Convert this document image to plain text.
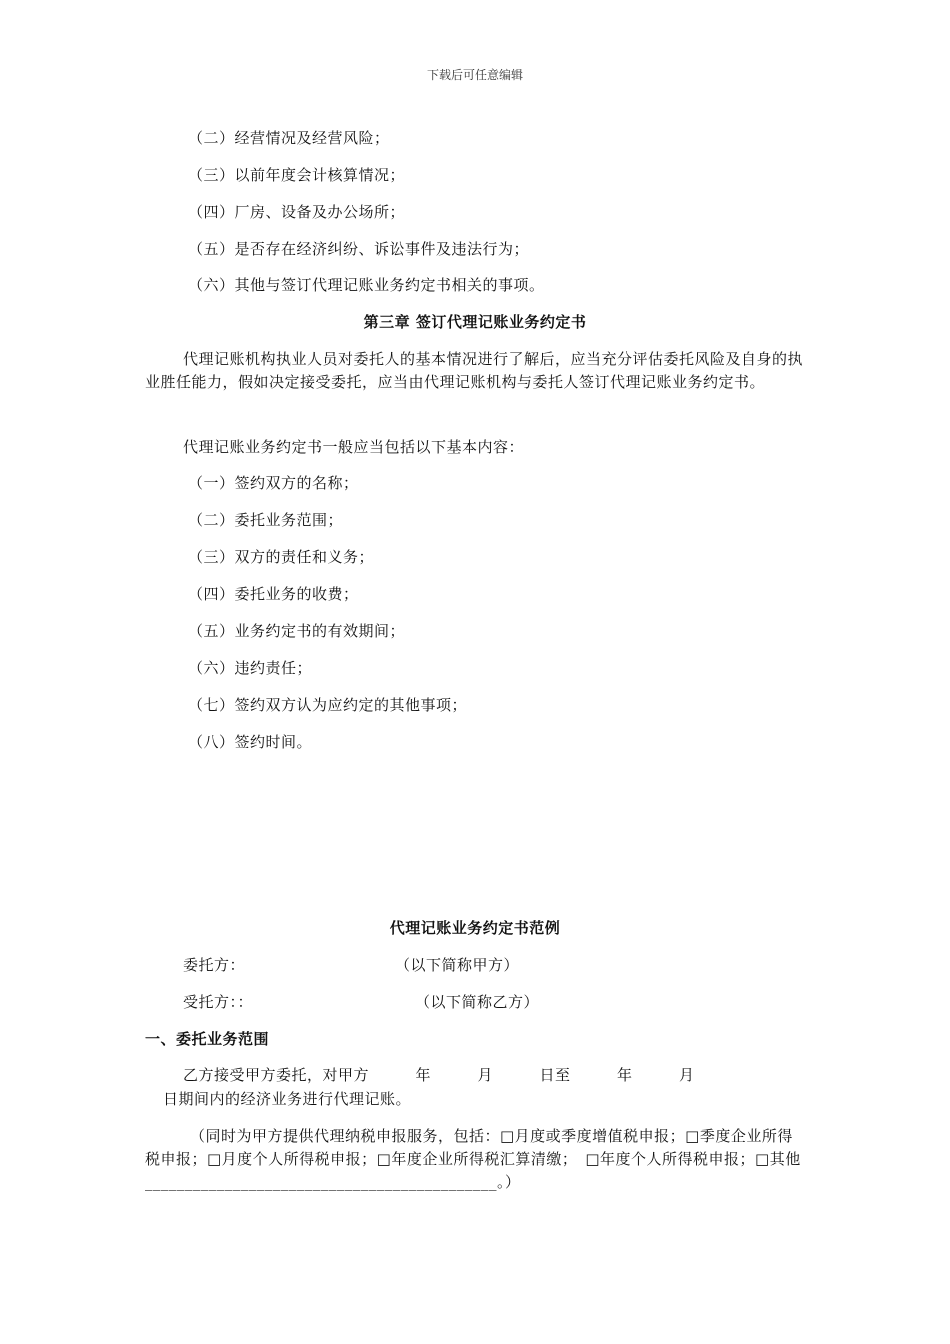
下载后可任意编辑
（二）经营情况及经营风险；
（三）以前年度会计核算情况；
（四）厂房、设备及办公场所；
（五）是否存在经济纠纷、诉讼事件及违法行为；
（六）其他与签订代理记账业务约定书相关的事项。
第三章 签订代理记账业务约定书
代理记账机构执业人员对委托人的基本情况进行了解后，应当充分评估委托风险及自身的执业胜任能力，假如决定接受委托，应当由代理记账机构与委托人签订代理记账业务约定书。
代理记账业务约定书一般应当包括以下基本内容：
（一）签约双方的名称；
（二）委托业务范围；
（三）双方的责任和义务；
（四）委托业务的收费；
（五）业务约定书的有效期间；
（六）违约责任；
（七）签约双方认为应约定的其他事项；
（八）签约时间。
代理记账业务约定书范例
委托方：	（以下简称甲方）
受托方：：	（以下简称乙方）
一、委托业务范围
乙方接受甲方委托，对甲方　　　年　　　月　　　日至　　　年　　　月
日期间内的经济业务进行代理记账。
（同时为甲方提供代理纳税申报服务，包括：□月度或季度增值税申报；□季度企业所得税申报；□月度个人所得税申报；□年度企业所得税汇算清缴；　□年度个人所得税申报；□其他____________________________________________。）
